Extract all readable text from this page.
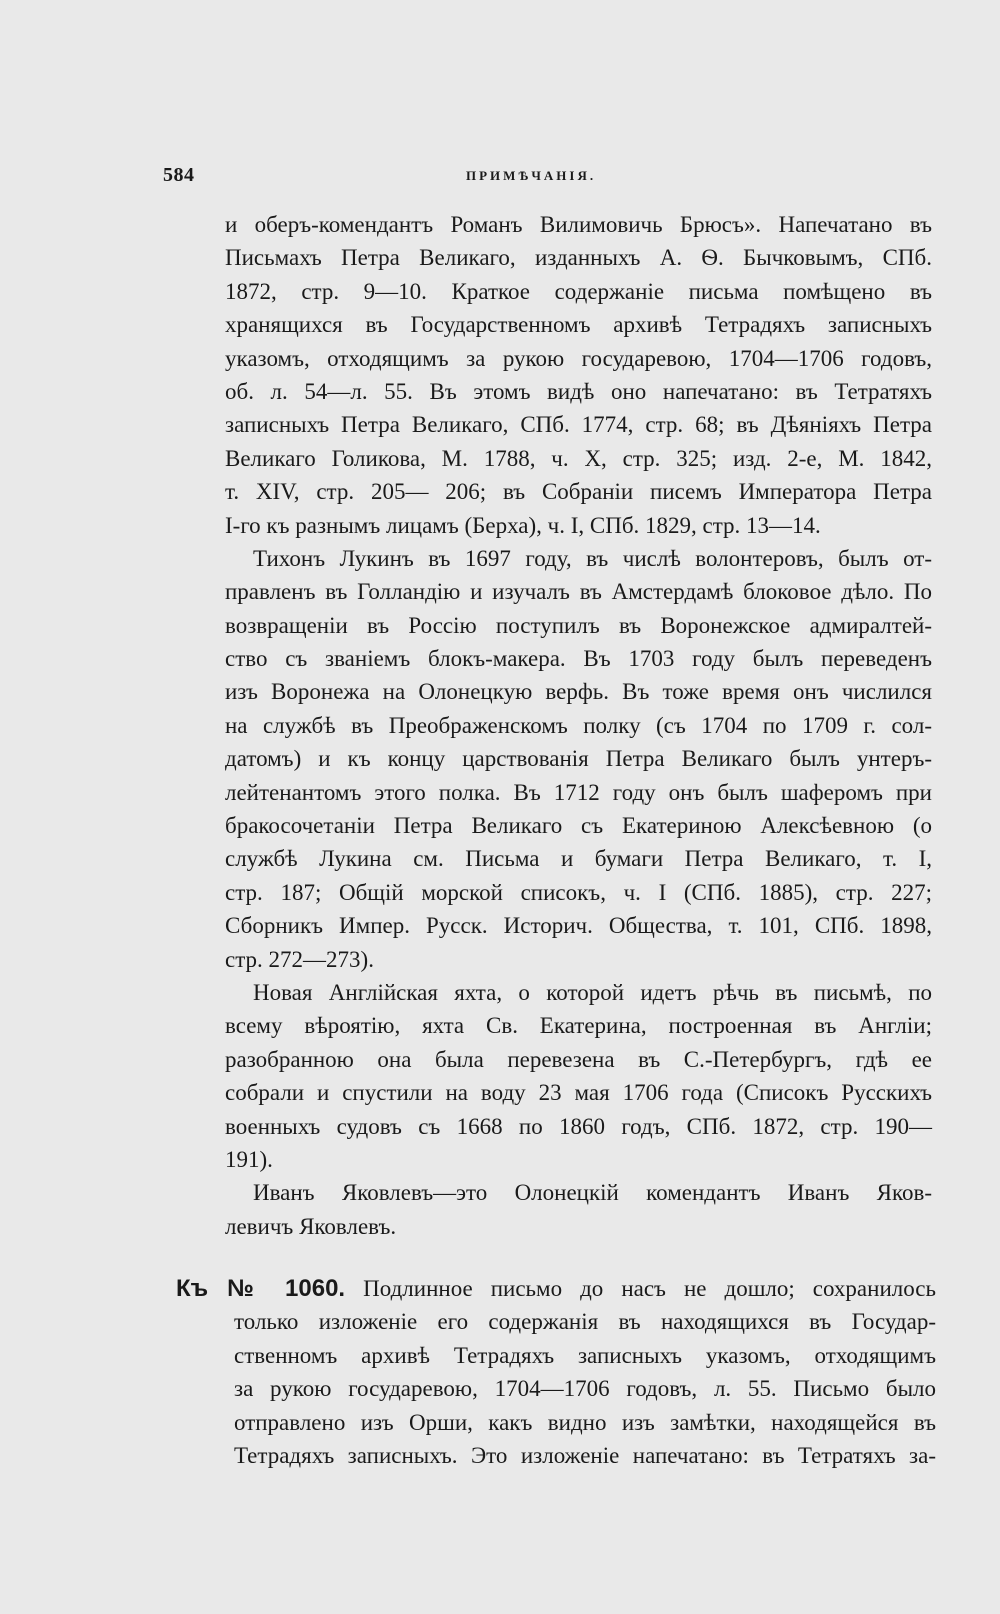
584	ПРИМѢЧАНІЯ.
и оберъ-комендантъ Романъ Вилимовичь Брюсъ». Напечатано въ
Письмахъ Петра Великаго, изданныхъ А. Ѳ. Бычковымъ, СПб.
1872, стр. 9—10. Краткое содержаніе письма помѣщено въ
хранящихся въ Государственномъ архивѣ Тетрадяхъ записныхъ
указомъ, отходящимъ за рукою государевою, 1704—1706 годовъ,
об. л. 54—л. 55. Въ этомъ видѣ оно напечатано: въ Тетратяхъ
записныхъ Петра Великаго, СПб. 1774, стр. 68; въ Дѣяніяхъ Петра
Великаго Голикова, М. 1788, ч. X, стр. 325; изд. 2-е, М. 1842,
т. XIV, стр. 205— 206; въ Собраніи писемъ Императора Петра
I-го къ разнымъ лицамъ (Берха), ч. I, СПб. 1829, стр. 13—14.
Тихонъ Лукинъ въ 1697 году, въ числѣ волонтеровъ, былъ от-
правленъ въ Голландію и изучалъ въ Амстердамѣ блоковое дѣло. По
возвращеніи въ Россію поступилъ въ Воронежское адмиралтей-
ство съ званіемъ блокъ-макера. Въ 1703 году былъ переведенъ
изъ Воронежа на Олонецкую верфь. Въ тоже время онъ числился
на службѣ въ Преображенскомъ полку (съ 1704 по 1709 г. сол-
датомъ) и къ концу царствованія Петра Великаго былъ унтеръ-
лейтенантомъ этого полка. Въ 1712 году онъ былъ шаферомъ при
бракосочетаніи Петра Великаго съ Екатериною Алексѣевною (о
службѣ Лукина см. Письма и бумаги Петра Великаго, т. I,
стр. 187; Общій морской списокъ, ч. I (СПб. 1885), стр. 227;
Сборникъ Импер. Русск. Историч. Общества, т. 101, СПб. 1898,
стр. 272—273).
Новая Англійская яхта, о которой идетъ рѣчь въ письмѣ, по
всему вѣроятію, яхта Св. Екатерина, построенная въ Англіи;
разобранною она была перевезена въ С.-Петербургъ, гдѣ ее
собрали и спустили на воду 23 мая 1706 года (Списокъ Русскихъ
военныхъ судовъ съ 1668 по 1860 годъ, СПб. 1872, стр. 190—
191).
Иванъ Яковлевъ—это Олонецкій комендантъ Иванъ Яков-
левичъ Яковлевъ.
Къ № 1060. Подлинное письмо до насъ не дошло; сохранилось
только изложеніе его содержанія въ находящихся въ Государ-
ственномъ архивѣ Тетрадяхъ записныхъ указомъ, отходящимъ
за рукою государевою, 1704—1706 годовъ, л. 55. Письмо было
отправлено изъ Орши, какъ видно изъ замѣтки, находящейся въ
Тетрадяхъ записныхъ. Это изложеніе напечатано: въ Тетратяхъ за-
